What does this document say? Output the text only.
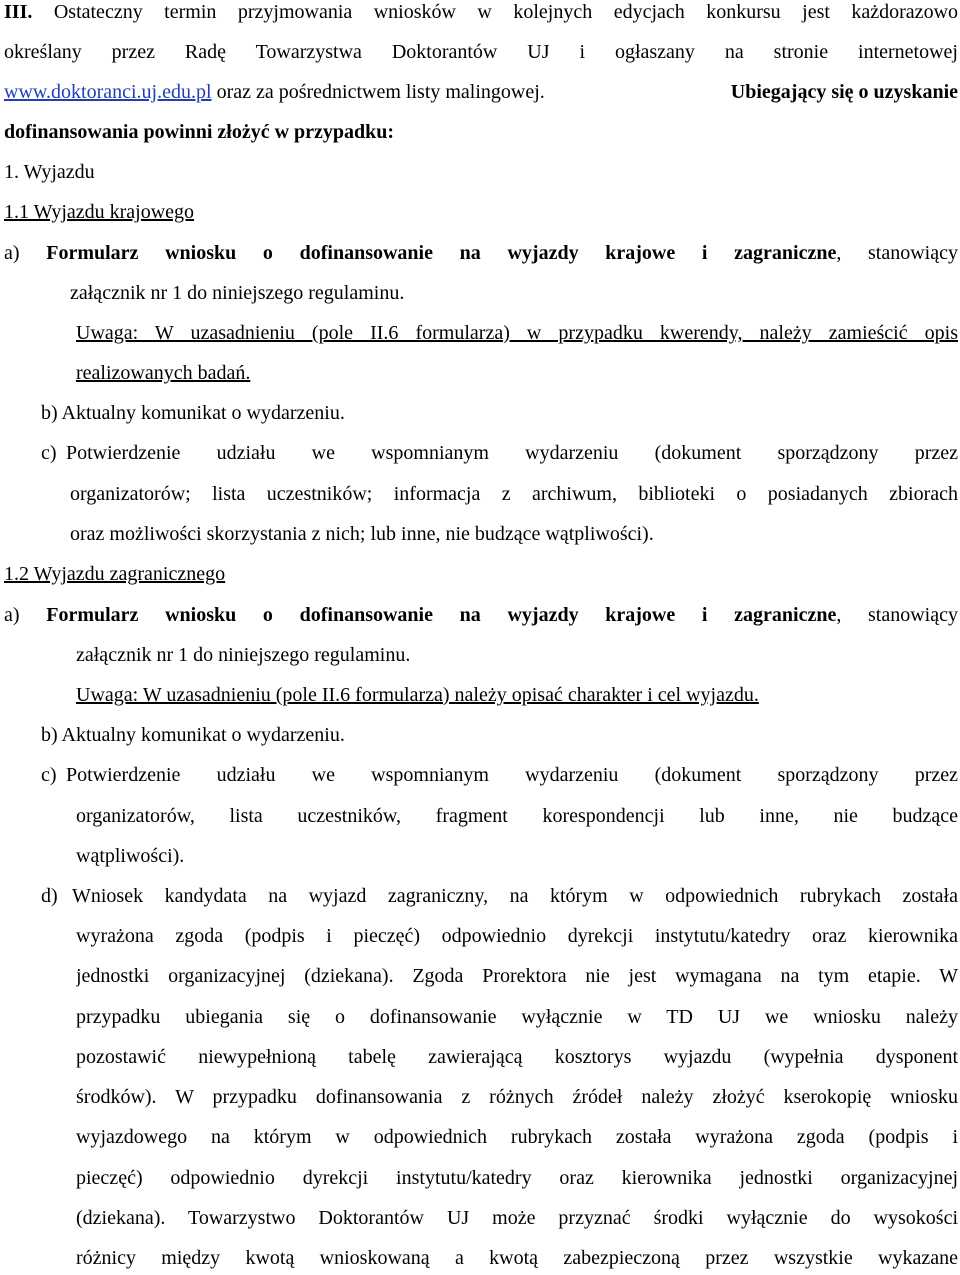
III. Ostateczny termin przyjmowania wniosków w kolejnych edycjach konkursu jest każdorazowo
określany przez Radę Towarzystwa Doktorantów UJ i ogłaszany na stronie internetowej
www.doktoranci.uj.edu.pl oraz za pośrednictwem listy malingowej.	Ubiegający się o uzyskanie
dofinansowania powinni złożyć w przypadku:
1. Wyjazdu
1.1 Wyjazdu krajowego
a) Formularz wniosku o dofinansowanie na wyjazdy krajowe i zagraniczne, stanowiący
załącznik nr 1 do niniejszego regulaminu.
Uwaga: W uzasadnieniu (pole II.6 formularza) w przypadku kwerendy, należy zamieścić opis
realizowanych badań.
b) Aktualny komunikat o wydarzeniu.
c) Potwierdzenie udziału we wspomnianym wydarzeniu (dokument sporządzony przez
organizatorów; lista uczestników; informacja z archiwum, biblioteki o posiadanych zbiorach
oraz możliwości skorzystania z nich; lub inne, nie budzące wątpliwości).
1.2 Wyjazdu zagranicznego
a) Formularz wniosku o dofinansowanie na wyjazdy krajowe i zagraniczne, stanowiący
załącznik nr 1 do niniejszego regulaminu.
Uwaga: W uzasadnieniu (pole II.6 formularza) należy opisać charakter i cel wyjazdu.
b) Aktualny komunikat o wydarzeniu.
c) Potwierdzenie udziału we wspomnianym wydarzeniu (dokument sporządzony przez
organizatorów, lista uczestników, fragment korespondencji lub inne, nie budzące
wątpliwości).
d) Wniosek kandydata na wyjazd zagraniczny, na którym w odpowiednich rubrykach została
wyrażona zgoda (podpis i pieczęć) odpowiednio dyrekcji instytutu/katedry oraz kierownika
jednostki organizacyjnej (dziekana). Zgoda Prorektora nie jest wymagana na tym etapie. W
przypadku ubiegania się o dofinansowanie wyłącznie w TD UJ we wniosku należy
pozostawić niewypełnioną tabelę zawierającą kosztorys wyjazdu (wypełnia dysponent
środków). W przypadku dofinansowania z różnych źródeł należy złożyć kserokopię wniosku
wyjazdowego na którym w odpowiednich rubrykach została wyrażona zgoda (podpis i
pieczęć) odpowiednio dyrekcji instytutu/katedry oraz kierownika jednostki organizacyjnej
(dziekana). Towarzystwo Doktorantów UJ może przyznać środki wyłącznie do wysokości
różnicy między kwotą wnioskowaną a kwotą zabezpieczoną przez wszystkie wykazane
